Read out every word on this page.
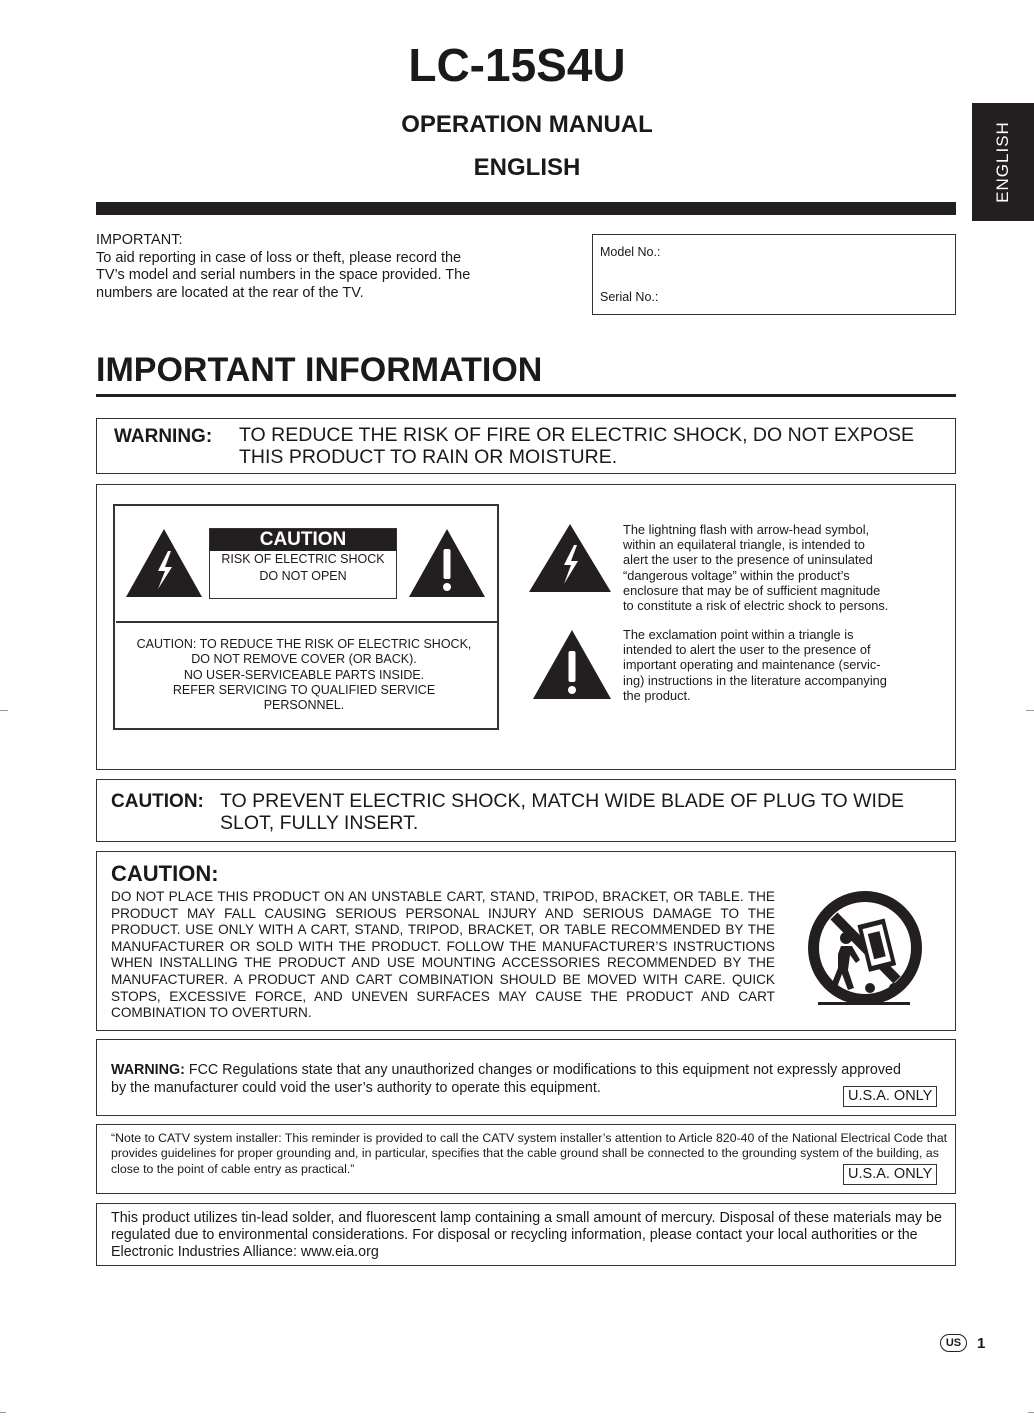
LC-15S4U
OPERATION MANUAL
ENGLISH	ENGLISH
IMPORTANT:
To aid reporting in case of loss or theft, please record the
TV’s model and serial numbers in the space provided. The
numbers are located at the rear of the TV.
Model No.:
Serial No.:
IMPORTANT INFORMATION
WARNING: TO REDUCE THE RISK OF FIRE OR ELECTRIC SHOCK, DO NOT EXPOSE
THIS PRODUCT TO RAIN OR MOISTURE.
CAUTION
RISK OF ELECTRIC SHOCK
DO NOT OPEN
CAUTION: TO REDUCE THE RISK OF ELECTRIC SHOCK,
DO NOT REMOVE COVER (OR BACK).
NO USER-SERVICEABLE PARTS INSIDE.
REFER SERVICING TO QUALIFIED SERVICE
PERSONNEL.
The lightning flash with arrow-head symbol,
within an equilateral triangle, is intended to
alert the user to the presence of uninsulated
“dangerous voltage” within the product’s
enclosure that may be of sufficient magnitude
to constitute a risk of electric shock to persons.
The exclamation point within a triangle is
intended to alert the user to the presence of
important operating and maintenance (servic-
ing) instructions in the literature accompanying
the product.
CAUTION: TO PREVENT ELECTRIC SHOCK, MATCH WIDE BLADE OF PLUG TO WIDE
SLOT, FULLY INSERT.
CAUTION:
DO NOT PLACE THIS PRODUCT ON AN UNSTABLE CART, STAND, TRIPOD, BRACKET, OR TABLE. THE PRODUCT MAY FALL CAUSING SERIOUS PERSONAL INJURY AND SERIOUS DAMAGE TO THE PRODUCT. USE ONLY WITH A CART, STAND, TRIPOD, BRACKET, OR TABLE RECOMMENDED BY THE MANUFACTURER OR SOLD WITH THE PRODUCT. FOLLOW THE MANUFACTURER’S INSTRUCTIONS WHEN INSTALLING THE PRODUCT AND USE MOUNTING ACCESSORIES RECOMMENDED BY THE MANUFACTURER. A PRODUCT AND CART COMBINATION SHOULD BE MOVED WITH CARE. QUICK STOPS, EXCESSIVE FORCE, AND UNEVEN SURFACES MAY CAUSE THE PRODUCT AND CART COMBINATION TO OVERTURN.
WARNING: FCC Regulations state that any unauthorized changes or modifications to this equipment not expressly approved by the manufacturer could void the user’s authority to operate this equipment.	U.S.A. ONLY
“Note to CATV system installer: This reminder is provided to call the CATV system installer’s attention to Article 820-40 of the National Electrical Code that provides guidelines for proper grounding and, in particular, specifies that the cable ground shall be connected to the grounding system of the building, as close to the point of cable entry as practical.”	U.S.A. ONLY
This product utilizes tin-lead solder, and fluorescent lamp containing a small amount of mercury. Disposal of these materials may be regulated due to environmental considerations. For disposal or recycling information, please contact your local authorities or the Electronic Industries Alliance: www.eia.org
US	1
